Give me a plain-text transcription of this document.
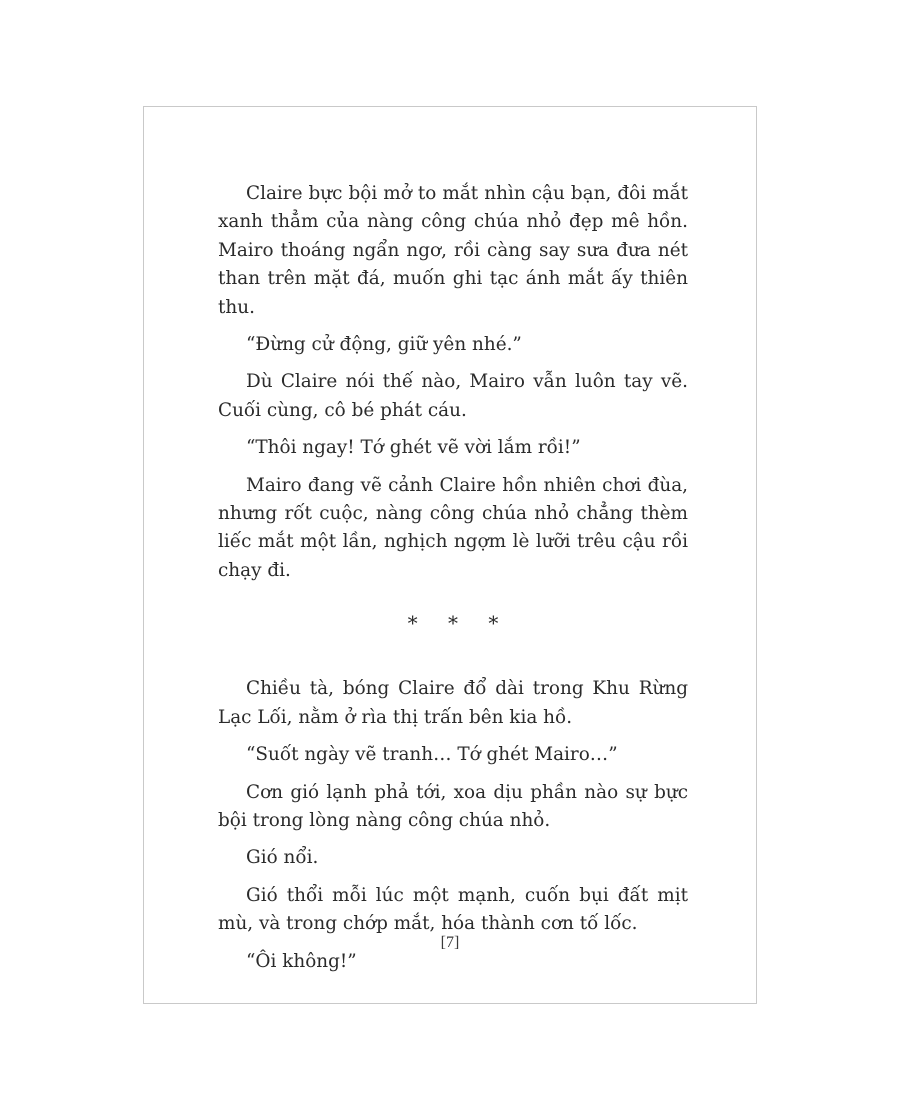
Claire bực bội mở to mắt nhìn cậu bạn, đôi mắt xanh thẳm của nàng công chúa nhỏ đẹp mê hồn. Mairo thoáng ngẩn ngơ, rồi càng say sưa đưa nét than trên mặt đá, muốn ghi tạc ánh mắt ấy thiên thu.

“Đừng cử động, giữ yên nhé.”

Dù Claire nói thế nào, Mairo vẫn luôn tay vẽ. Cuối cùng, cô bé phát cáu.

“Thôi ngay! Tớ ghét vẽ vời lắm rồi!”

Mairo đang vẽ cảnh Claire hồn nhiên chơi đùa, nhưng rốt cuộc, nàng công chúa nhỏ chẳng thèm liếc mắt một lần, nghịch ngợm lè lưỡi trêu cậu rồi chạy đi.

* * *

Chiều tà, bóng Claire đổ dài trong Khu Rừng Lạc Lối, nằm ở rìa thị trấn bên kia hồ.

“Suốt ngày vẽ tranh… Tớ ghét Mairo…”

Cơn gió lạnh phả tới, xoa dịu phần nào sự bực bội trong lòng nàng công chúa nhỏ.

Gió nổi.

Gió thổi mỗi lúc một mạnh, cuốn bụi đất mịt mù, và trong chớp mắt, hóa thành cơn tố lốc.

“Ôi không!”

[7]
